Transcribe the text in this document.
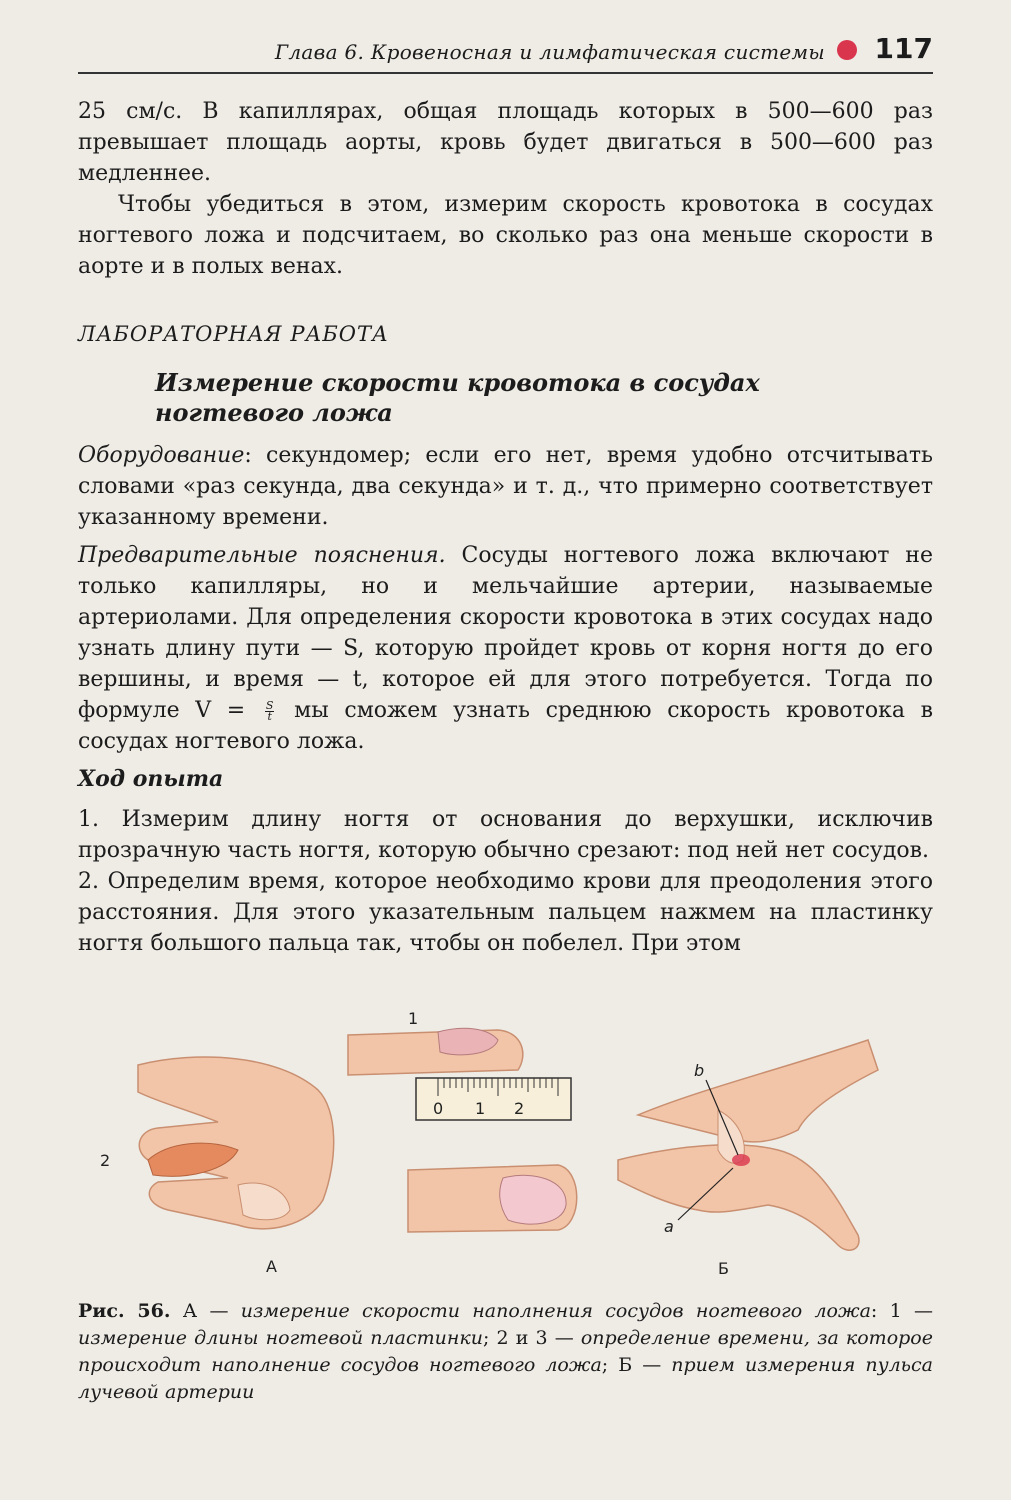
Глава 6. Кровеносная и лимфатическая системы 117

25 см/с. В капиллярах, общая площадь которых в 500—600 раз превышает площадь аорты, кровь будет двигаться в 500—600 раз медленнее.

Чтобы убедиться в этом, измерим скорость кровотока в сосудах ногтевого ложа и подсчитаем, во сколько раз она меньше скорости в аорте и в полых венах.

ЛАБОРАТОРНАЯ РАБОТА
Измерение скорости кровотока в сосудах ногтевого ложа
Оборудование: секундомер; если его нет, время удобно отсчитывать словами «раз секунда, два секунда» и т. д., что примерно соответствует указанному времени.
Предварительные пояснения. Сосуды ногтевого ложа включают не только капилляры, но и мельчайшие артерии, называемые артериолами. Для определения скорости кровотока в этих сосудах надо узнать длину пути — S, которую пройдет кровь от корня ногтя до его вершины, и время — t, которое ей для этого потребуется. Тогда по формуле $V = \frac{S}{t}$ мы сможем узнать среднюю скорость кровотока в сосудах ногтевого ложа.
Ход опыта

1. Измерим длину ногтя от основания до верхушки, исключив прозрачную часть ногтя, которую обычно срезают: под ней нет сосудов.

2. Определим время, которое необходимо крови для преодоления этого расстояния. Для этого указательным пальцем нажмем на пластинку ногтя большого пальца так, чтобы он побелел. При этом

2
А
0 1 2
1
b
a
Б
Рис. 56. А — измерение скорости наполнения сосудов ногтевого ложа: 1 — измерение длины ногтевой пластинки; 2 и 3 — определение времени, за которое происходит наполнение сосудов ногтевого ложа; Б — прием измерения пульса лучевой артерии
